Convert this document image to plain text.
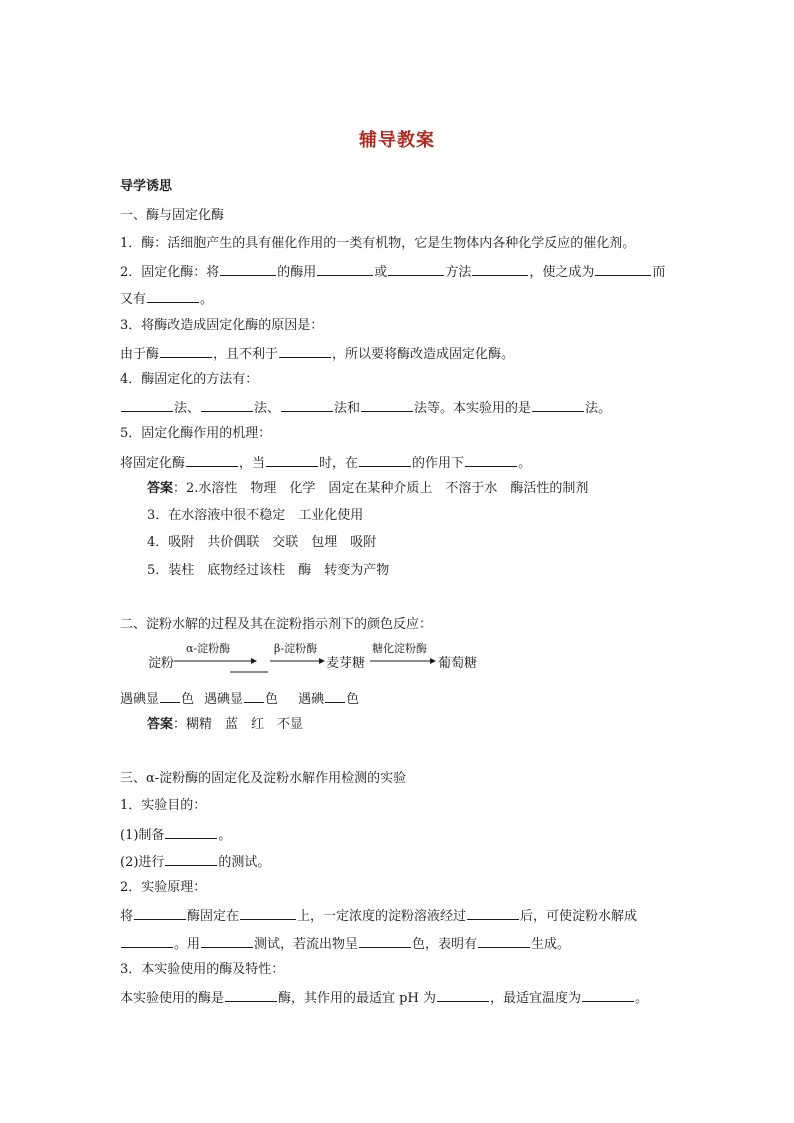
辅导教案
导学诱思
一、酶与固定化酶
1．酶：活细胞产生的具有催化作用的一类有机物，它是生物体内各种化学反应的催化剂。
2．固定化酶：将	的酶用	或	方法	，使之成为	而
又有	。
3．将酶改造成固定化酶的原因是：
由于酶	，且不利于	，所以要将酶改造成固定化酶。
4．酶固定化的方法有：
法、	法、	法和	法等。本实验用的是	法。
5．固定化酶作用的机理：
将固定化酶	，当	时，在	的作用下	。
答案：2.水溶性　物理　化学　固定在某种介质上　不溶于水　酶活性的制剂
3．在水溶液中很不稳定　工业化使用
4．吸附　共价偶联　交联　包埋　吸附
5．装柱　底物经过该柱　酶　转变为产物
二、淀粉水解的过程及其在淀粉指示剂下的颜色反应：
淀粉
α-淀粉酶	β-淀粉酶
麦芽糖
糖化淀粉酶
葡萄糖
遇碘显 色 遇碘显 色 遇碘 色
答案：糊精　蓝　红　不显
三、α-淀粉酶的固定化及淀粉水解作用检测的实验
1．实验目的：
(1)制备	。
(2)进行	的测试。
2．实验原理：
将	酶固定在	上，一定浓度的淀粉溶液经过	后，可使淀粉水解成
。用	测试，若流出物呈	色，表明有	生成。
3．本实验使用的酶及特性：
本实验使用的酶是	酶，其作用的最适宜 pH 为	，最适宜温度为	。
